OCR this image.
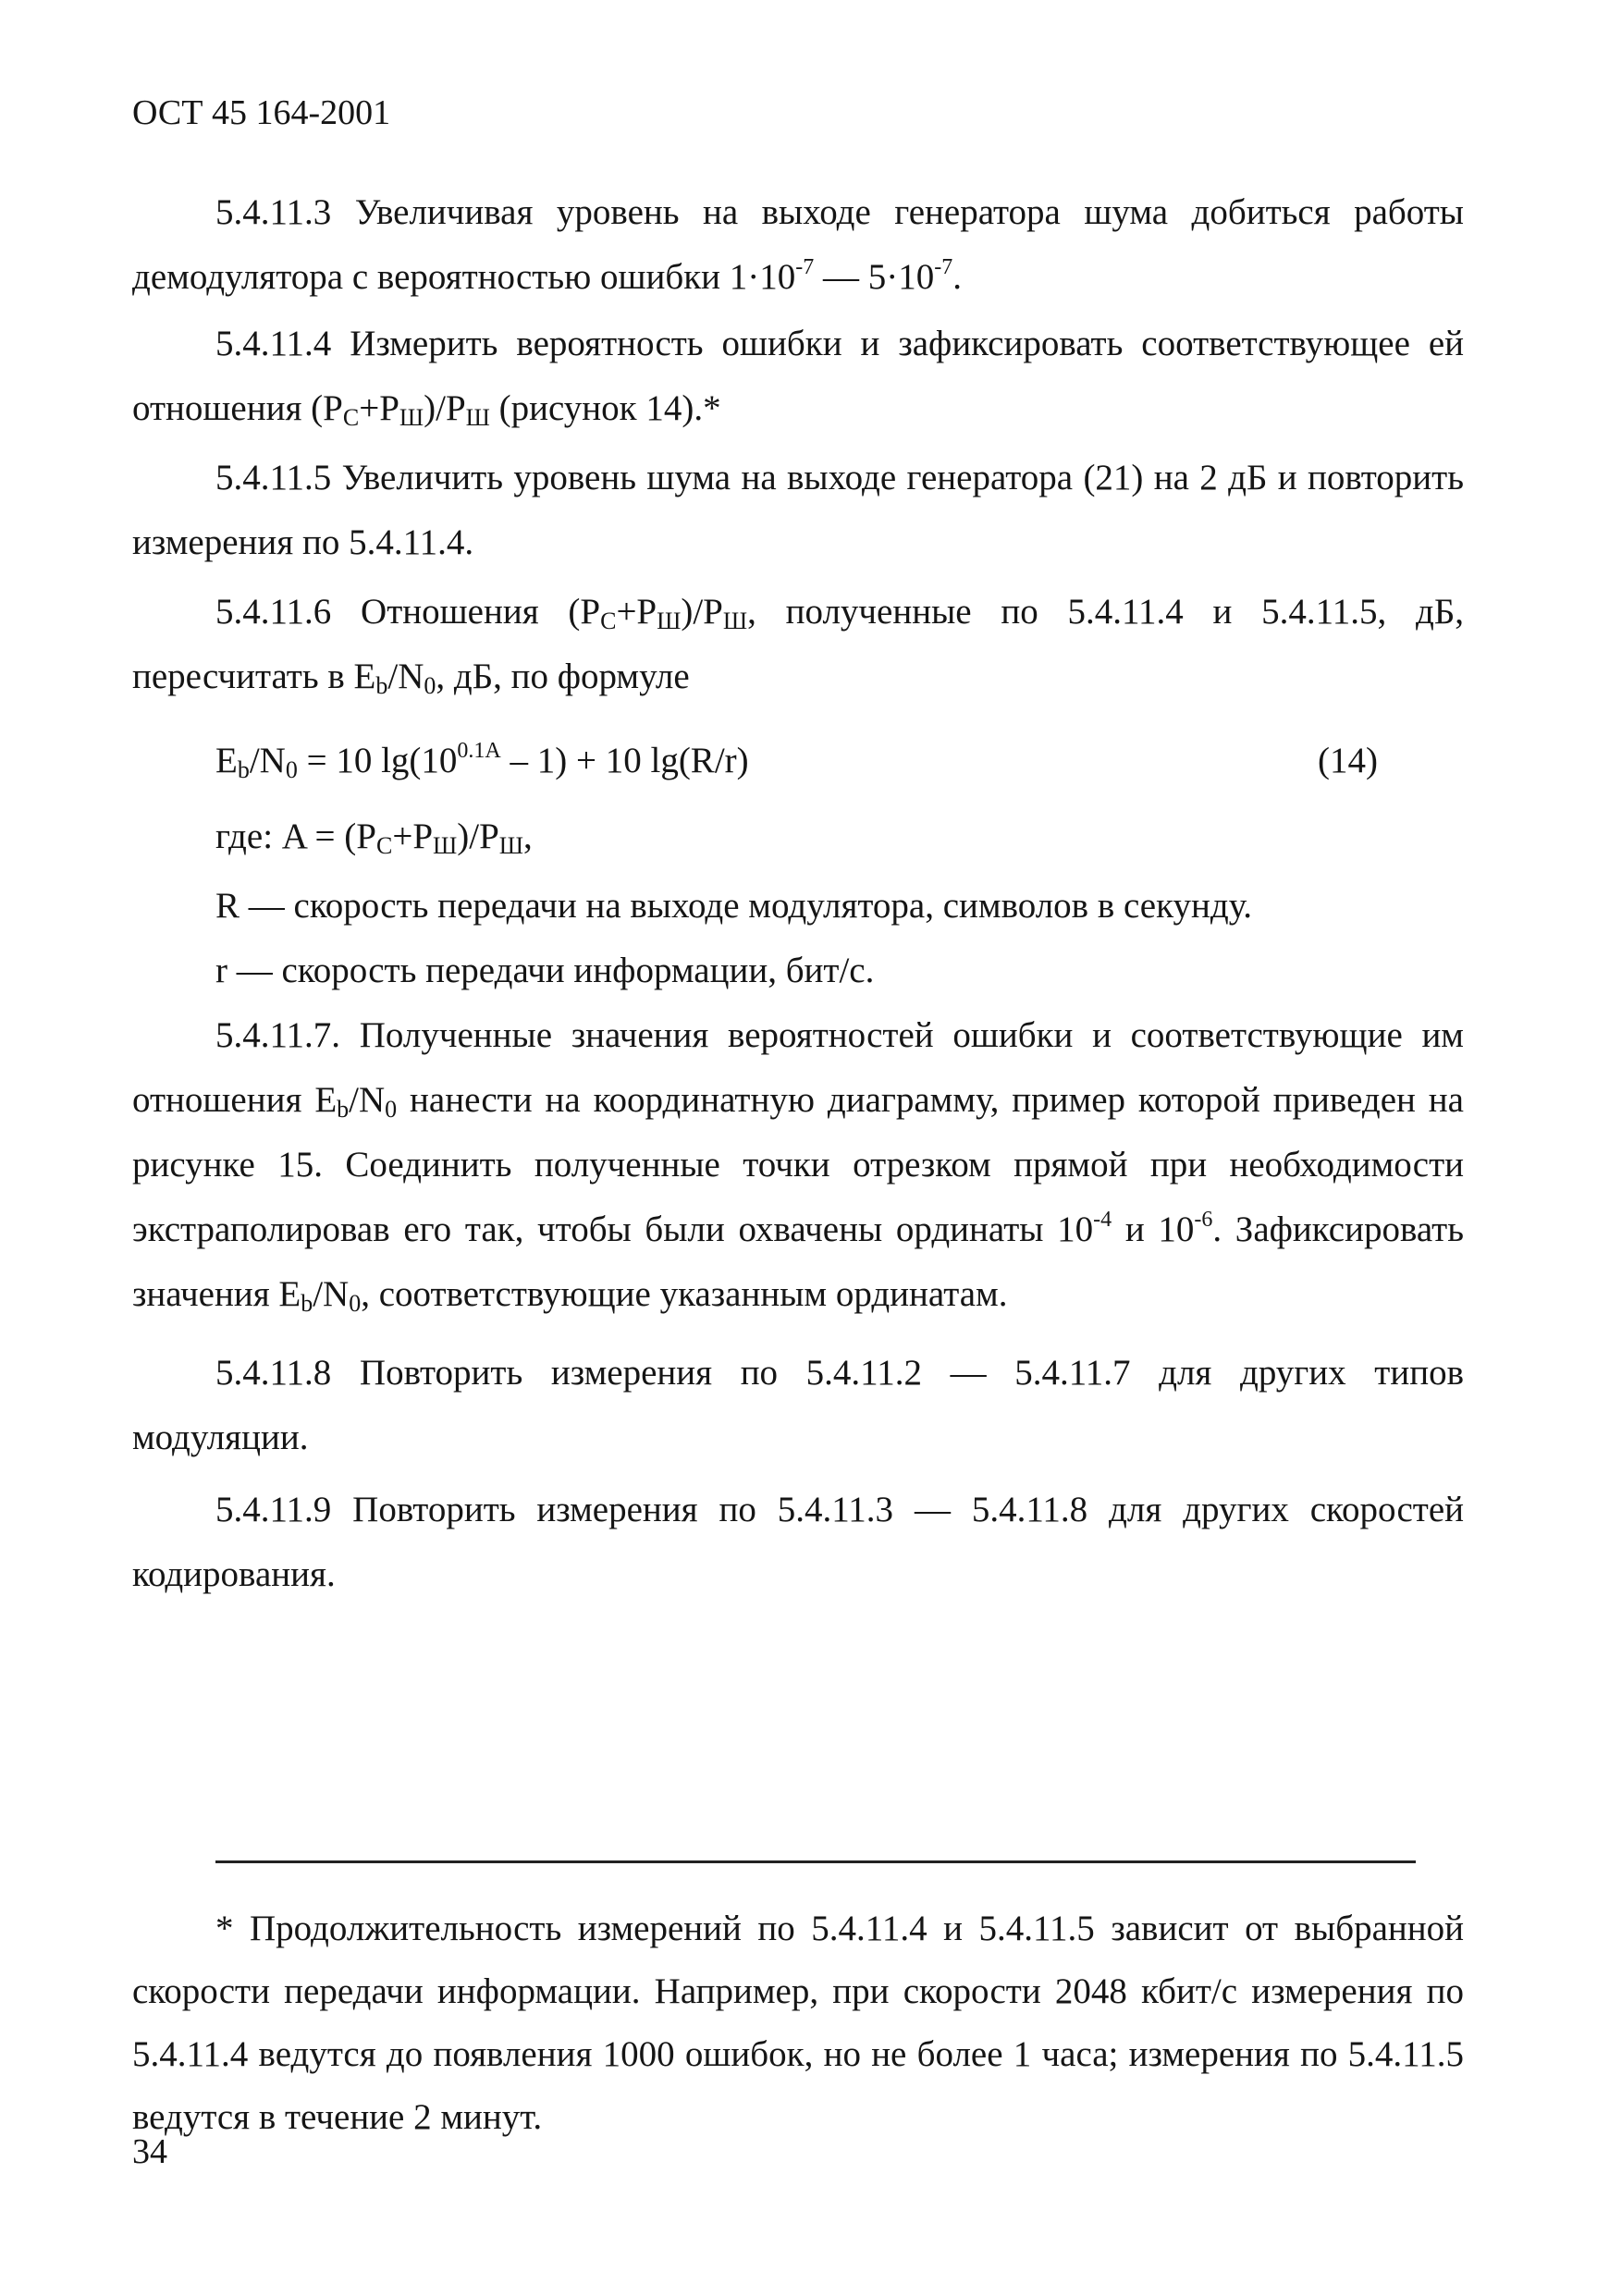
ОСТ 45 164-2001

5.4.11.3 Увеличивая уровень на выходе генератора шума добиться работы демодулятора с вероятностью ошибки $1\cdot 10^{-7}$ — $5\cdot 10^{-7}$.

5.4.11.4 Измерить вероятность ошибки и зафиксировать соответствующее ей отношения $(P_C+P_Ш)/P_Ш$ (рисунок 14).*

5.4.11.5 Увеличить уровень шума на выходе генератора (21) на 2 дБ и повторить измерения по 5.4.11.4.

5.4.11.6 Отношения $(P_C+P_Ш)/P_Ш$, полученные по 5.4.11.4 и 5.4.11.5, дБ, пересчитать в $E_b/N_0$, дБ, по формуле

$E_b/N_0 = 10$ $\lg(10^{0.1A} - 1) + 10$ lg(R/r)	(14)
где: $A = (P_C+P_Ш)/P_Ш$,
R — скорость передачи на выходе модулятора, символов в секунду.
r — скорость передачи информации, бит/с.

5.4.11.7. Полученные значения вероятностей ошибки и соответствующие им отношения $E_b/N_0$ нанести на координатную диаграмму, пример которой приведен на рисунке 15. Соединить полученные точки отрезком прямой при необходимости экстраполировав его так, чтобы были охвачены ординаты $10^{-4}$ и $10^{-6}$. Зафиксировать значения $E_b/N_0$, соответствующие указанным ординатам.

5.4.11.8 Повторить измерения по 5.4.11.2 — 5.4.11.7 для других типов модуляции.

5.4.11.9 Повторить измерения по 5.4.11.3 — 5.4.11.8 для других скоростей кодирования.

* Продолжительность измерений по 5.4.11.4 и 5.4.11.5 зависит от выбранной скорости передачи информации. Например, при скорости 2048 кбит/с измерения по 5.4.11.4 ведутся до появления 1000 ошибок, но не более 1 часа; измерения по 5.4.11.5 ведутся в течение 2 минут.
34
